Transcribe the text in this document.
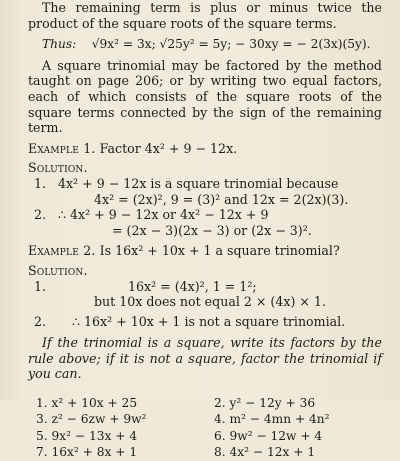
The remaining term is plus or minus twice the product of the square roots of the square terms.

Thus: √9x² = 3x; √25y² = 5y; − 30xy = − 2(3x)(5y).

A square trinomial may be factored by the method taught on page 206; or by writing two equal factors, each of which consists of the square roots of the square terms connected by the sign of the remaining term.

Example 1. Factor 4x² + 9 − 12x.
Solution.
1. 4x² + 9 − 12x is a square trinomial because
4x² = (2x)², 9 = (3)² and 12x = 2(2x)(3).
2. ∴ 4x² + 9 − 12x or 4x² − 12x + 9
= (2x − 3)(2x − 3) or (2x − 3)².
Example 2. Is 16x² + 10x + 1 a square trinomial?
Solution.
1.	16x² = (4x)², 1 = 1²;
but 10x does not equal 2 × (4x) × 1.
2.	∴ 16x² + 10x + 1 is not a square trinomial.

If the trinomial is a square, write its factors by the rule above; if it is not a square, factor the trinomial if you can.

1. x² + 10x + 25	2. y² − 12y + 36
3. z² − 6zw + 9w²	4. m² − 4mn + 4n²
5. 9x² − 13x + 4	6. 9w² − 12w + 4
7. 16x² + 8x + 1	8. 4x² − 12x + 1
